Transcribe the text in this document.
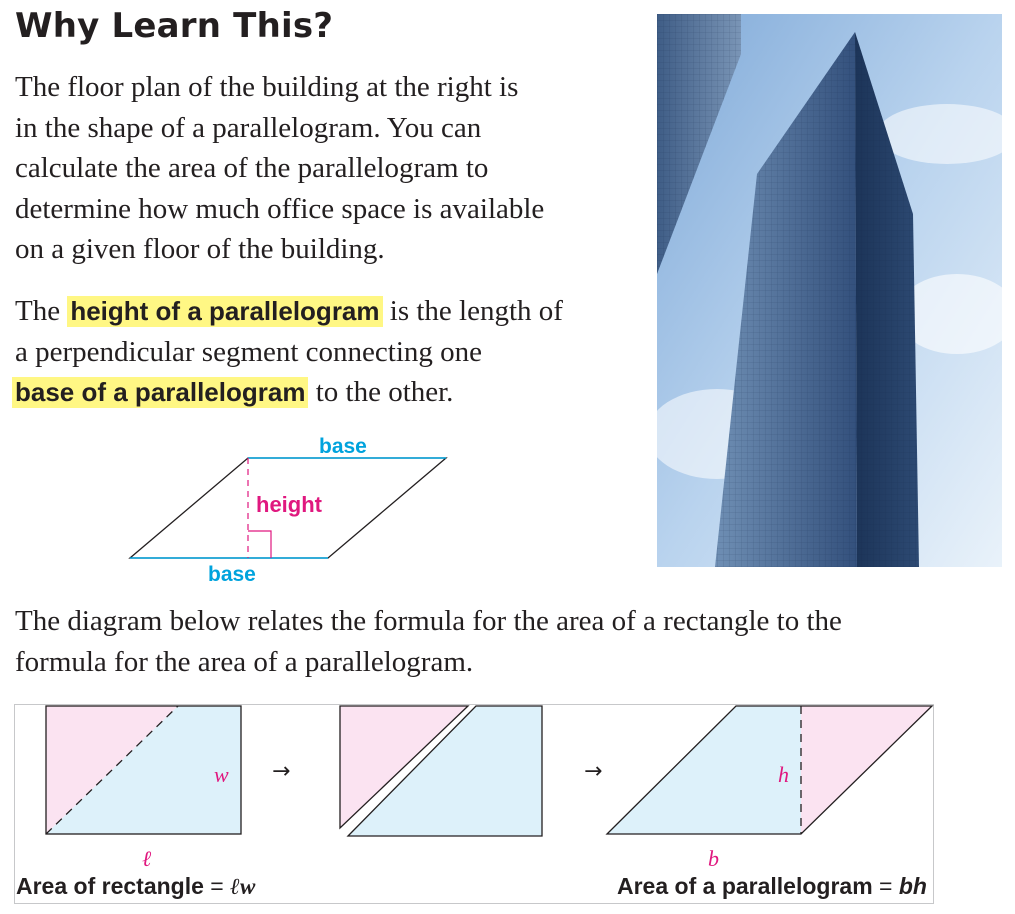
Why Learn This?

The floor plan of the building at the right is
in the shape of a parallelogram. You can
calculate the area of the parallelogram to
determine how much office space is available
on a given floor of the building.

The height of a parallelogram is the length of
a perpendicular segment connecting one
base of a parallelogram to the other.

base
height
base

The diagram below relates the formula for the area of a rectangle to the
formula for the area of a parallelogram.

w
ℓ
→	→	h
b
Area of rectangle = ℓw	Area of a parallelogram = bh
